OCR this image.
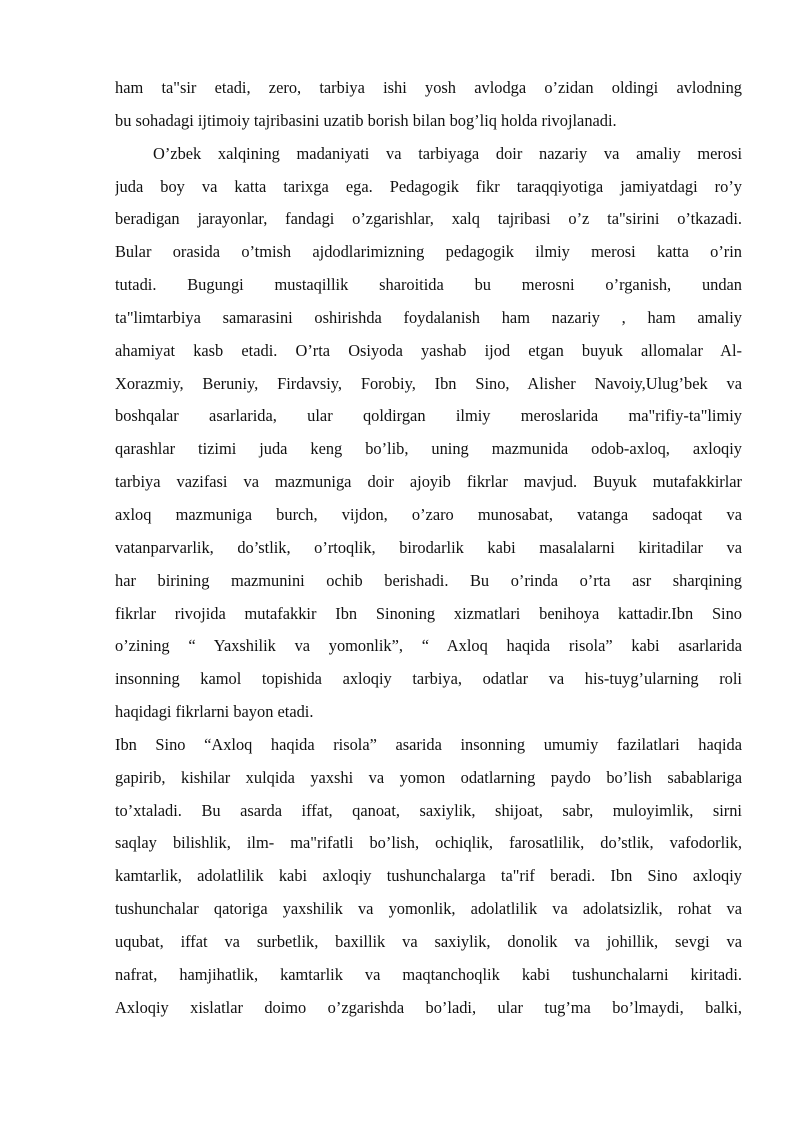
ham ta"sir etadi, zero, tarbiya ishi yosh avlodga o’zidan oldingi avlodning
bu sohadagi ijtimoiy tajribasini uzatib borish bilan bog’liq holda rivojlanadi.
O’zbek xalqining madaniyati va tarbiyaga doir nazariy va amaliy merosi
juda boy va katta tarixga ega. Pedagogik fikr taraqqiyotiga jamiyatdagi ro’y
beradigan jarayonlar, fandagi o’zgarishlar, xalq tajribasi o’z ta"sirini o’tkazadi.
Bular orasida o’tmish ajdodlarimizning pedagogik ilmiy merosi katta o’rin
tutadi. Bugungi mustaqillik sharoitida bu merosni o’rganish, undan
ta"limtarbiya samarasini oshirishda foydalanish ham nazariy , ham amaliy
ahamiyat kasb etadi. O’rta Osiyoda yashab ijod etgan buyuk allomalar Al-
Xorazmiy, Beruniy, Firdavsiy, Forobiy, Ibn Sino, Alisher Navoiy,Ulug’bek va
boshqalar asarlarida, ular qoldirgan ilmiy meroslarida ma"rifiy-ta"limiy
qarashlar tizimi juda keng bo’lib, uning mazmunida odob-axloq, axloqiy
tarbiya vazifasi va mazmuniga doir ajoyib fikrlar mavjud. Buyuk mutafakkirlar
axloq mazmuniga burch, vijdon, o’zaro munosabat, vatanga sadoqat va
vatanparvarlik, do’stlik, o’rtoqlik, birodarlik kabi masalalarni kiritadilar va
har birining mazmunini ochib berishadi. Bu o’rinda o’rta asr sharqining
fikrlar rivojida mutafakkir Ibn Sinoning xizmatlari benihoya kattadir.Ibn Sino
o’zining “ Yaxshilik va yomonlik”, “ Axloq haqida risola” kabi asarlarida
insonning kamol topishida axloqiy tarbiya, odatlar va his-tuyg’ularning roli
haqidagi fikrlarni bayon etadi.
Ibn Sino “Axloq haqida risola” asarida insonning umumiy fazilatlari haqida
gapirib, kishilar xulqida yaxshi va yomon odatlarning paydo bo’lish sabablariga
to’xtaladi. Bu asarda iffat, qanoat, saxiylik, shijoat, sabr, muloyimlik, sirni
saqlay bilishlik, ilm- ma"rifatli bo’lish, ochiqlik, farosatlilik, do’stlik, vafodorlik,
kamtarlik, adolatlilik kabi axloqiy tushunchalarga ta"rif beradi. Ibn Sino axloqiy
tushunchalar qatoriga yaxshilik va yomonlik, adolatlilik va adolatsizlik, rohat va
uqubat, iffat va surbetlik, baxillik va saxiylik, donolik va johillik, sevgi va
nafrat, hamjihatlik, kamtarlik va maqtanchoqlik kabi tushunchalarni kiritadi.
Axloqiy xislatlar doimo o’zgarishda bo’ladi, ular tug’ma bo’lmaydi, balki,
